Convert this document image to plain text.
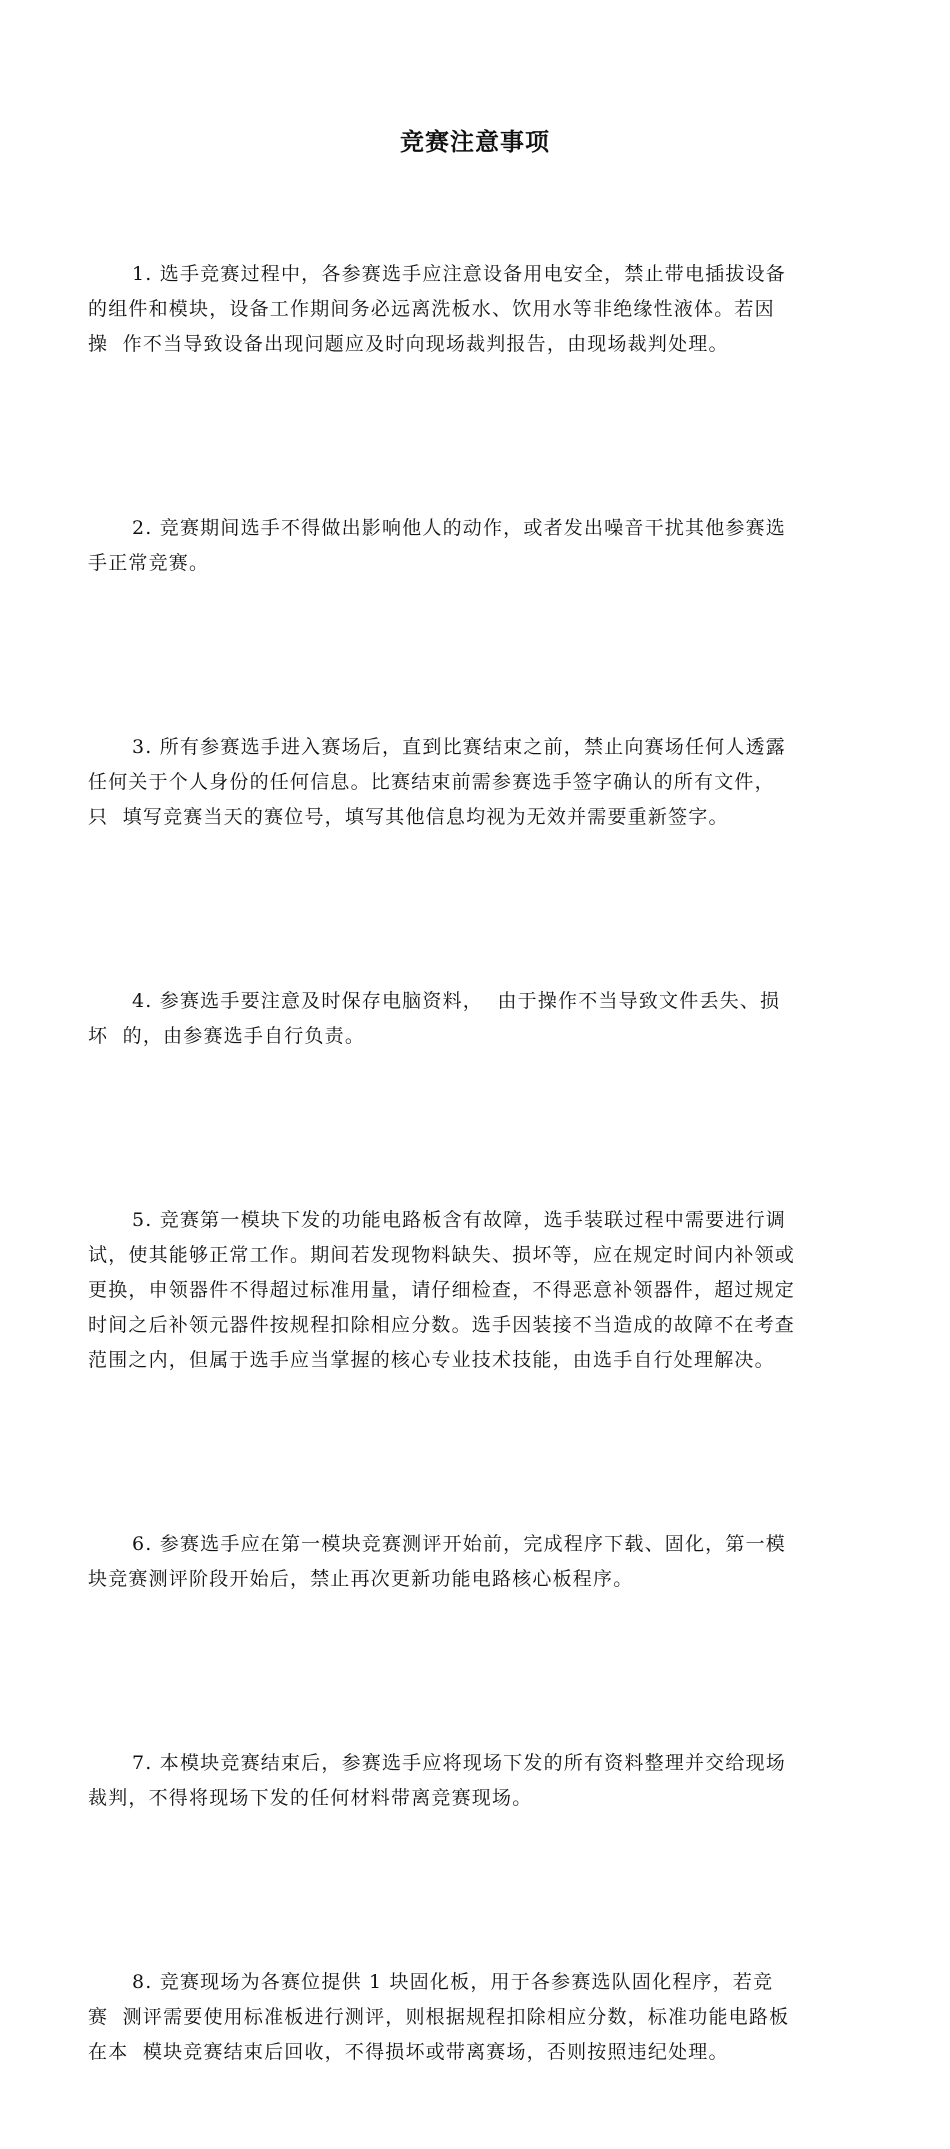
竞赛注意事项

1. 选手竞赛过程中，各参赛选手应注意设备用电安全，禁止带电插拔设备
的组件和模块，设备工作期间务必远离洗板水、饮用水等非绝缘性液体。若因
操  作不当导致设备出现问题应及时向现场裁判报告，由现场裁判处理。

2. 竞赛期间选手不得做出影响他人的动作，或者发出噪音干扰其他参赛选
手正常竞赛。

3. 所有参赛选手进入赛场后，直到比赛结束之前，禁止向赛场任何人透露
任何关于个人身份的任何信息。比赛结束前需参赛选手签字确认的所有文件，
只  填写竞赛当天的赛位号，填写其他信息均视为无效并需要重新签字。

4. 参赛选手要注意及时保存电脑资料，  由于操作不当导致文件丢失、损
坏  的，由参赛选手自行负责。

5. 竞赛第一模块下发的功能电路板含有故障，选手装联过程中需要进行调
试，使其能够正常工作。期间若发现物料缺失、损坏等，应在规定时间内补领或
更换，申领器件不得超过标准用量，请仔细检查，不得恶意补领器件，超过规定
时间之后补领元器件按规程扣除相应分数。选手因装接不当造成的故障不在考查
范围之内，但属于选手应当掌握的核心专业技术技能，由选手自行处理解决。

6. 参赛选手应在第一模块竞赛测评开始前，完成程序下载、固化，第一模
块竞赛测评阶段开始后，禁止再次更新功能电路核心板程序。

7. 本模块竞赛结束后，参赛选手应将现场下发的所有资料整理并交给现场
裁判，不得将现场下发的任何材料带离竞赛现场。

8. 竞赛现场为各赛位提供 1 块固化板，用于各参赛选队固化程序，若竞
赛  测评需要使用标准板进行测评，则根据规程扣除相应分数，标准功能电路板
在本  模块竞赛结束后回收，不得损坏或带离赛场，否则按照违纪处理。
